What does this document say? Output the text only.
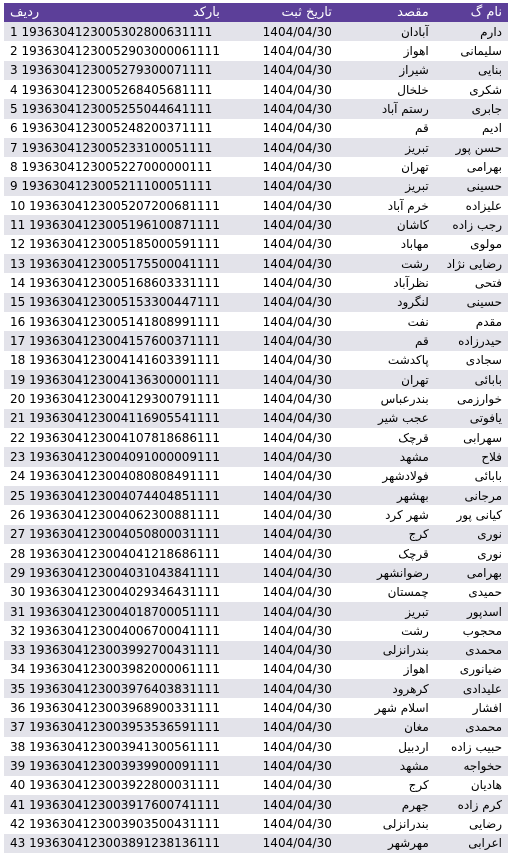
ردیف بارکد	تاریخ ثبت	مقصد	نام گ
1 1936304123005302800631111	1404/04/30	آبادان	دارم
2 19363041230052903000061111	1404/04/30	اهواز	سلیمانی
3 1936304123005279300071111	1404/04/30	شیراز	بنایی
4 1936304123005268405681111	1404/04/30	خلخال	شکری
5 1936304123005255044641111	1404/04/30	رستم آباد	جابری
6 1936304123005248200371111	1404/04/30	قم	ادیم
7 1936304123005233100051111	1404/04/30	تبریز	حسن پور
8 1936304123005227000000111	1404/04/30	تهران	بهرامی
9 1936304123005211100051111	1404/04/30	تبریز	حسینی
10 1936304123005207200681111	1404/04/30	خرم آباد	علیزاده
11 1936304123005196100871111	1404/04/30	کاشان	رجب زاده
12 1936304123005185000591111	1404/04/30	مهاباد	مولوی
13 1936304123005175500041111	1404/04/30	رشت	رضایی نژاد
14 1936304123005168603331111	1404/04/30	نظرآباد	فتحی
15 1936304123005153300447111	1404/04/30	لنگرود	حسینی
16 1936304123005141808991111	1404/04/30	نفت	مقدم
17 1936304123004157600371111	1404/04/30	قم	حیدرزاده
18 1936304123004141603391111	1404/04/30	پاکدشت	سجادی
19 1936304123004136300001111	1404/04/30	تهران	بابائی
20 1936304123004129300791111	1404/04/30	بندرعباس	خوارزمی
21 1936304123004116905541111	1404/04/30	عجب شیر	یافوتی
22 1936304123004107818686111	1404/04/30	قرچک	سهرابی
23 1936304123004091000009111	1404/04/30	مشهد	فلاح
24 1936304123004080808491111	1404/04/30	فولادشهر	بابائی
25 1936304123004074404851111	1404/04/30	بهشهر	مرجانی
26 1936304123004062300881111	1404/04/30	شهر کرد	کیانی پور
27 1936304123004050800031111	1404/04/30	کرج	نوری
28 1936304123004041218686111	1404/04/30	قرچک	نوری
29 1936304123004031043841111	1404/04/30	رضوانشهر	بهرامی
30 1936304123004029346431111	1404/04/30	چمستان	حمیدی
31 1936304123004018700051111	1404/04/30	تبریز	اسدپور
32 1936304123004006700041111	1404/04/30	رشت	محجوب
33 1936304123003992700431111	1404/04/30	بندرانزلی	محمدی
34 1936304123003982000061111	1404/04/30	اهواز	ضیانوری
35 1936304123003976403831111	1404/04/30	کرهرود	علیدادی
36 1936304123003968900331111	1404/04/30	اسلام شهر	افشار
37 1936304123003953536591111	1404/04/30	مغان	محمدی
38 1936304123003941300561111	1404/04/30	اردبیل	حبیب زاده
39 1936304123003939900091111	1404/04/30	مشهد	حخواجه
40 1936304123003922800031111	1404/04/30	کرج	هادیان
41 1936304123003917600741111	1404/04/30	جهرم	کرم زاده
42 1936304123003903500431111	1404/04/30	بندرانزلی	رضایی
43 1936304123003891238136111	1404/04/30	مهرشهر	اعرابی
